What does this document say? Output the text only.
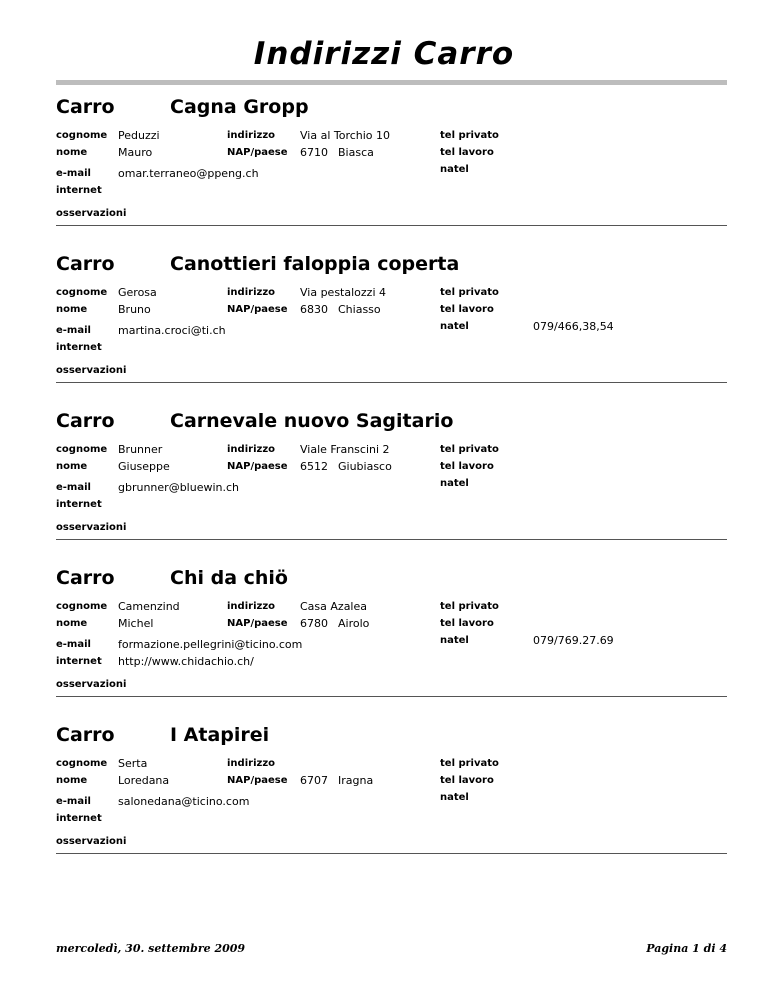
Indirizzi Carro
Carro	Cagna Gropp
cognome Peduzzi
nome	Mauro
e-mail omar.terraneo@ppeng.ch
internet
osservazioni
indirizzo Via al Torchio 10
NAP/paese 6710 Biasca
tel privato
tel lavoro
natel
Carro	Canottieri faloppia coperta
cognome Gerosa
nome	Bruno
e-mail martina.croci@ti.ch
internet
osservazioni
indirizzo Via pestalozzi 4
NAP/paese 6830 Chiasso
tel privato
tel lavoro
natel	079/466,38,54
Carro	Carnevale nuovo Sagitario
cognome Brunner
nome	Giuseppe
e-mail gbrunner@bluewin.ch
internet
osservazioni
indirizzo Viale Franscini 2
NAP/paese 6512 Giubiasco
tel privato
tel lavoro
natel
Carro	Chi da chiö
cognome Camenzind
nome	Michel
e-mail formazione.pellegrini@ticino.com
internet http://www.chidachio.ch/
osservazioni
indirizzo Casa Azalea
NAP/paese 6780 Airolo
tel privato
tel lavoro
natel	079/769.27.69
Carro	I Atapirei
cognome Serta
nome	Loredana
e-mail salonedana@ticino.com
internet
osservazioni
indirizzo
NAP/paese 6707 Iragna
tel privato
tel lavoro
natel
mercoledì, 30. settembre 2009	Pagina 1 di 4
